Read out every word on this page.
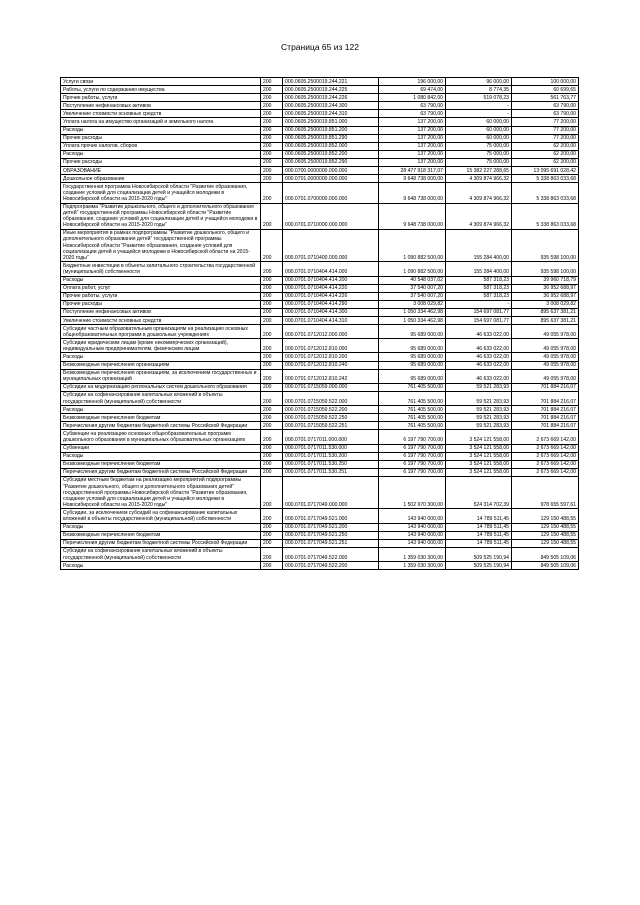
Страница 65 из 122
Услуги связи	200	000.0605.2500019.244.221	196 000,00	96 000,00	100 000,00
Работы, услуги по содержанию имущества	200	000.0605.2500019.244.225	69 474,00	8 774,35	60 699,65
Прочие работы, услуги	200	000.0605.2500019.244.226	1 080 842,00	519 078,23	561 763,77
Поступление нефинансовых активов	200	000.0605.2500019.244.300	63 790,00	-	63 790,00
Увеличение стоимости основных средств	200	000.0605.2500019.244.310	63 790,00	-	63 790,00
Уплата налога на имущество организаций и земельного налога	200	000.0605.2500019.851.000	137 200,00	60 000,00	77 200,00
Расходы	200	000.0605.2500019.851.200	137 200,00	60 000,00	77 200,00
Прочие расходы	200	000.0605.2500019.851.290	137 200,00	60 000,00	77 200,00
Уплата прочих налогов, сборов	200	000.0605.2500019.852.000	137 200,00	75 000,00	62 200,00
Расходы	200	000.0605.2500019.852.200	137 200,00	75 000,00	62 200,00
Прочие расходы	200	000.0605.2500019.852.290	137 200,00	75 000,00	62 200,00
ОБРАЗОВАНИЕ	200	000.0700.0000000.000.000	28 477 918 317,07	15 382 227 288,65	13 095 691 028,42
Дошкольное образование	200	000.0701.0000000.000.000	9 648 738 000,00	4 309 874 966,32	5 338 863 033,68
Государственная программа Новосибирской области "Развитие образования, создание условий для социализации детей и учащейся молодежи в Новосибирской области на 2015-2020 годы"	200	000.0701.0700000.000.000	9 648 738 000,00	4 309 874 966,32	5 338 863 033,68
Подпрограмма "Развитие дошкольного, общего и дополнительного образования детей" государственной программы Новосибирской области "Развитие образования, создание условий для социализации детей и учащейся молодежи в Новосибирской области на 2015-2020 годы"	200	000.0701.0710000.000.000	9 648 738 000,00	4 309 874 966,32	5 338 863 033,68
Иные мероприятия в рамках подпрограммы "Развитие дошкольного, общего и дополнительного образования детей" государственной программы Новосибирской области "Развитие образования, создание условий для социализации детей и учащейся молодежи в Новосибирской области на 2015-2020 годы"	200	000.0701.0710400.000.000	1 090 882 500,00	155 284 400,00	935 598 100,00
Бюджетные инвестиции в объекты капитального строительства государственной (муниципальной) собственности	200	000.0701.0710404.414.000	1 090 882 500,00	155 284 400,00	935 598 100,00
Расходы	200	000.0701.0710404.414.200	40 548 037,02	587 318,23	39 960 718,79
Оплата работ, услуг	200	000.0701.0710404.414.220	37 540 007,20	587 318,23	36 952 688,97
Прочие работы, услуги	200	000.0701.0710404.414.226	37 540 007,20	587 318,23	36 952 688,97
Прочие расходы	200	000.0701.0710404.414.290	3 008 029,82	-	3 008 029,82
Поступление нефинансовых активов	200	000.0701.0710404.414.300	1 050 334 462,98	154 697 081,77	895 637 381,21
Увеличение стоимости основных средств	200	000.0701.0710404.414.310	1 050 334 462,98	154 697 081,77	895 637 381,21
Субсидии частным образовательным организациям на реализацию основных общеобразовательных программ в дошкольных учреждениях	200	000.0701.0712012.000.000	95 689 000,00	46 633 022,00	49 055 978,00
Субсидии юридическим лицам (кроме некоммерческих организаций), индивидуальным предпринимателям, физическим лицам	200	000.0701.0712012.810.000	95 689 000,00	46 633 022,00	49 055 978,00
Расходы	200	000.0701.0712012.810.200	95 689 000,00	46 633 022,00	49 055 978,00
Безвозмездные перечисления организациям	200	000.0701.0712012.810.240	95 689 000,00	46 633 022,00	49 055 978,00
Безвозмездные перечисления организациям, за исключением государственных и муниципальных организаций	200	000.0701.0712012.810.242	95 689 000,00	46 633 022,00	49 055 978,00
Субсидии на модернизацию региональных систем дошкольного образования	200	000.0701.0715059.000.000	761 405 500,00	59 521 283,93	701 884 216,07
Субсидии на софинансирование капитальных вложений в объекты государственной (муниципальной) собственности	200	000.0701.0715059.522.000	761 405 500,00	59 521 283,93	701 884 216,07
Расходы	200	000.0701.0715059.522.200	761 405 500,00	59 521 283,93	701 884 216,07
Безвозмездные перечисления бюджетам	200	000.0701.0715059.522.250	761 405 500,00	59 521 283,93	701 884 216,07
Перечисления другим бюджетам бюджетной системы Российской Федерации	200	000.0701.0715059.522.251	761 405 500,00	59 521 283,93	701 884 216,07
Субвенции на реализацию основных общеобразовательных программ дошкольного образования в муниципальных образовательных организациях	200	000.0701.0717011.000.000	6 197 790 700,00	3 524 121 558,00	2 673 669 142,00
Субвенции	200	000.0701.0717011.530.000	6 197 790 700,00	3 524 121 558,00	2 673 669 142,00
Расходы	200	000.0701.0717011.530.200	6 197 790 700,00	3 524 121 558,00	2 673 669 142,00
Безвозмездные перечисления бюджетам	200	000.0701.0717011.530.250	6 197 790 700,00	3 524 121 558,00	2 673 669 142,00
Перечисления другим бюджетам бюджетной системы Российской Федерации	200	000.0701.0717011.530.251	6 197 790 700,00	3 524 121 558,00	2 673 669 142,00
Субсидии местным бюджетам на реализацию мероприятий подпрограммы "Развитие дошкольного, общего и дополнительного образования детей" государственной программы Новосибирской области "Развитие образования, создание условий для социализации детей и учащейся молодежи в Новосибирской области на 2015-2020 годы"	200	000.0701.0717049.000.000	1 502 970 300,00	524 314 702,39	978 655 597,61
Субсидии, за исключением субсидий на софинансирование капитальных вложений в объекты государственной (муниципальной) собственности	200	000.0701.0717049.521.000	143 940 000,00	14 789 511,45	129 150 488,55
Расходы	200	000.0701.0717049.521.200	143 940 000,00	14 789 511,45	129 150 488,55
Безвозмездные перечисления бюджетам	200	000.0701.0717049.521.250	143 940 000,00	14 789 511,45	129 150 488,55
Перечисления другим бюджетам бюджетной системы Российской Федерации	200	000.0701.0717049.521.251	143 940 000,00	14 789 511,45	129 150 488,55
Субсидии на софинансирование капитальных вложений в объекты государственной (муниципальной) собственности	200	000.0701.0717049.522.000	1 359 030 300,00	509 525 190,94	849 505 109,06
Расходы	200	000.0701.0717049.522.200	1 359 030 300,00	509 525 190,94	849 505 109,06
